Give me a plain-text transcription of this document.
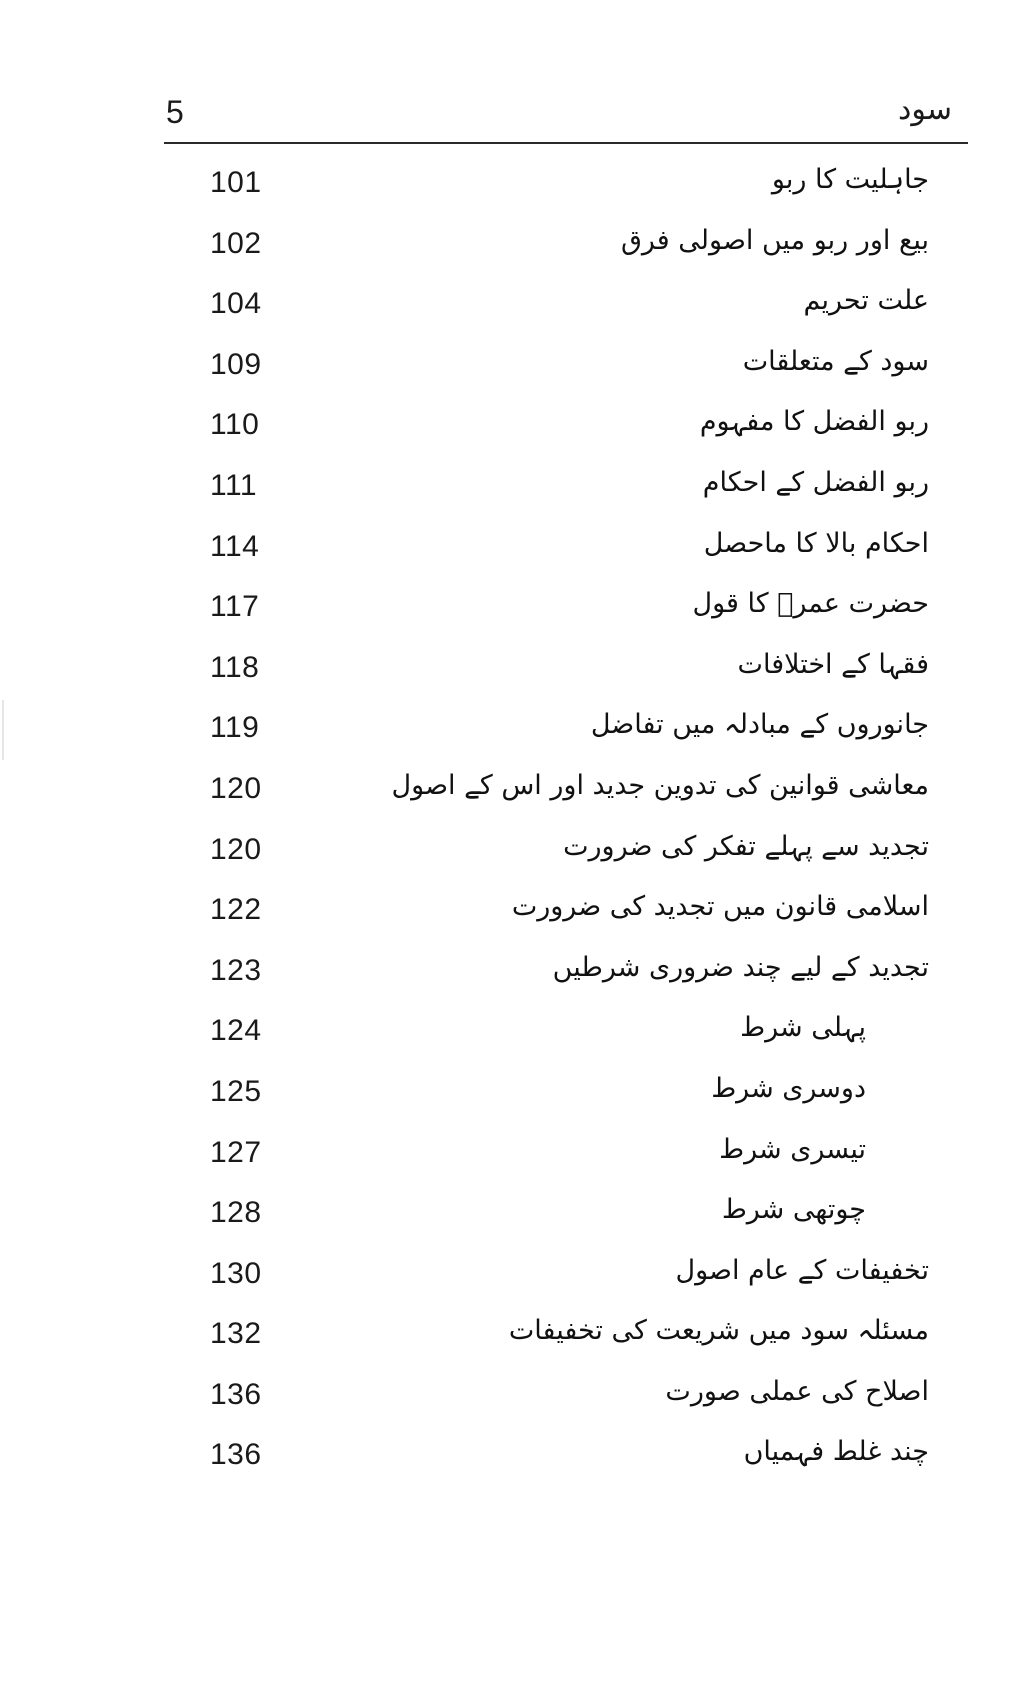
5	سود
101	جاہلیت کا ربو
102	بیع اور ربو میں اصولی فرق
104	علت تحریم
109	سود کے متعلقات
110	ربو الفضل کا مفہوم
111	ربو الفضل کے احکام
114	احکام بالا کا ماحصل
117	حضرت عمرؓ کا قول
118	فقہا کے اختلافات
119	جانوروں کے مبادلہ میں تفاضل
120	معاشی قوانین کی تدوین جدید اور اس کے اصول
120	تجدید سے پہلے تفکر کی ضرورت
122	اسلامی قانون میں تجدید کی ضرورت
123	تجدید کے لیے چند ضروری شرطیں
124	پہلی شرط
125	دوسری شرط
127	تیسری شرط
128	چوتھی شرط
130	تخفیفات کے عام اصول
132	مسئلہ سود میں شریعت کی تخفیفات
136	اصلاح کی عملی صورت
136	چند غلط فہمیاں
